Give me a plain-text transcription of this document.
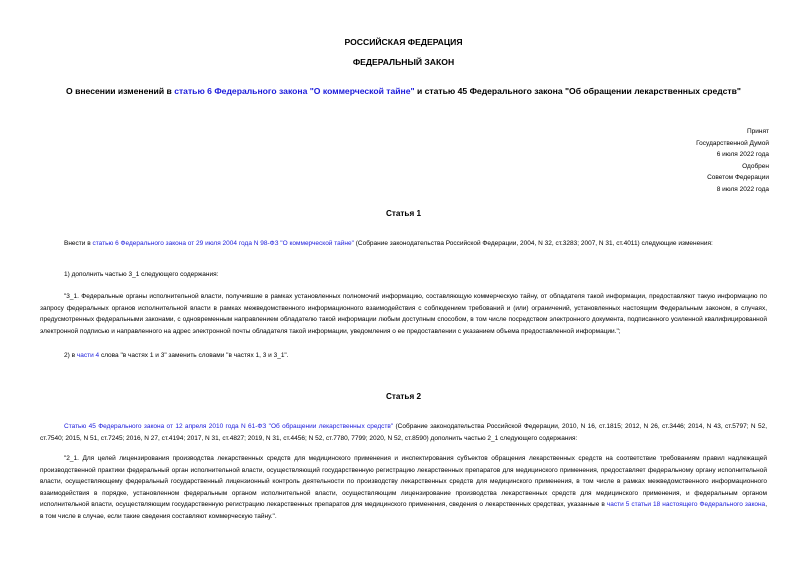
РОССИЙСКАЯ ФЕДЕРАЦИЯ
ФЕДЕРАЛЬНЫЙ ЗАКОН
О внесении изменений в статью 6 Федерального закона "О коммерческой тайне" и статью 45 Федерального закона "Об обращении лекарственных средств"
Принят
Государственной Думой
6 июля 2022 года
Одобрен
Советом Федерации
8 июля 2022 года
Статья 1
Внести в статью 6 Федерального закона от 29 июля 2004 года N 98-ФЗ "О коммерческой тайне" (Собрание законодательства Российской Федерации, 2004, N 32, ст.3283; 2007, N 31, ст.4011) следующие изменения:
1) дополнить частью 3_1 следующего содержания:
"3_1. Федеральные органы исполнительной власти, получившие в рамках установленных полномочий информацию, составляющую коммерческую тайну, от обладателя такой информации, предоставляют такую информацию по запросу федеральных органов исполнительной власти в рамках межведомственного информационного взаимодействия с соблюдением требований и (или) ограничений, установленных настоящим Федеральным законом, в случаях, предусмотренных федеральными законами, с одновременным направлением обладателю такой информации любым доступным способом, в том числе посредством электронного документа, подписанного усиленной квалифицированной электронной подписью и направленного на адрес электронной почты обладателя такой информации, уведомления о ее предоставлении с указанием объема предоставленной информации.";
2) в части 4 слова "в частях 1 и 3" заменить словами "в частях 1, 3 и 3_1".
Статья 2
Статью 45 Федерального закона от 12 апреля 2010 года N 61-ФЗ "Об обращении лекарственных средств" (Собрание законодательства Российской Федерации, 2010, N 16, ст.1815; 2012, N 26, ст.3446; 2014, N 43, ст.5797; N 52, ст.7540; 2015, N 51, ст.7245; 2016, N 27, ст.4194; 2017, N 31, ст.4827; 2019, N 31, ст.4456; N 52, ст.7780, 7799; 2020, N 52, ст.8590) дополнить частью 2_1 следующего содержания:
"2_1. Для целей лицензирования производства лекарственных средств для медицинского применения и инспектирования субъектов обращения лекарственных средств на соответствие требованиям правил надлежащей производственной практики федеральный орган исполнительной власти, осуществляющий государственную регистрацию лекарственных препаратов для медицинского применения, предоставляет федеральному органу исполнительной власти, осуществляющему федеральный государственный лицензионный контроль деятельности по производству лекарственных средств для медицинского применения, в том числе в рамках межведомственного информационного взаимодействия в порядке, установленном федеральным органом исполнительной власти, осуществляющим лицензирование производства лекарственных средств для медицинского применения, и федеральным органом исполнительной власти, осуществляющим государственную регистрацию лекарственных препаратов для медицинского применения, сведения о лекарственных средствах, указанные в части 5 статьи 18 настоящего Федерального закона, в том числе в случае, если такие сведения составляют коммерческую тайну.".
